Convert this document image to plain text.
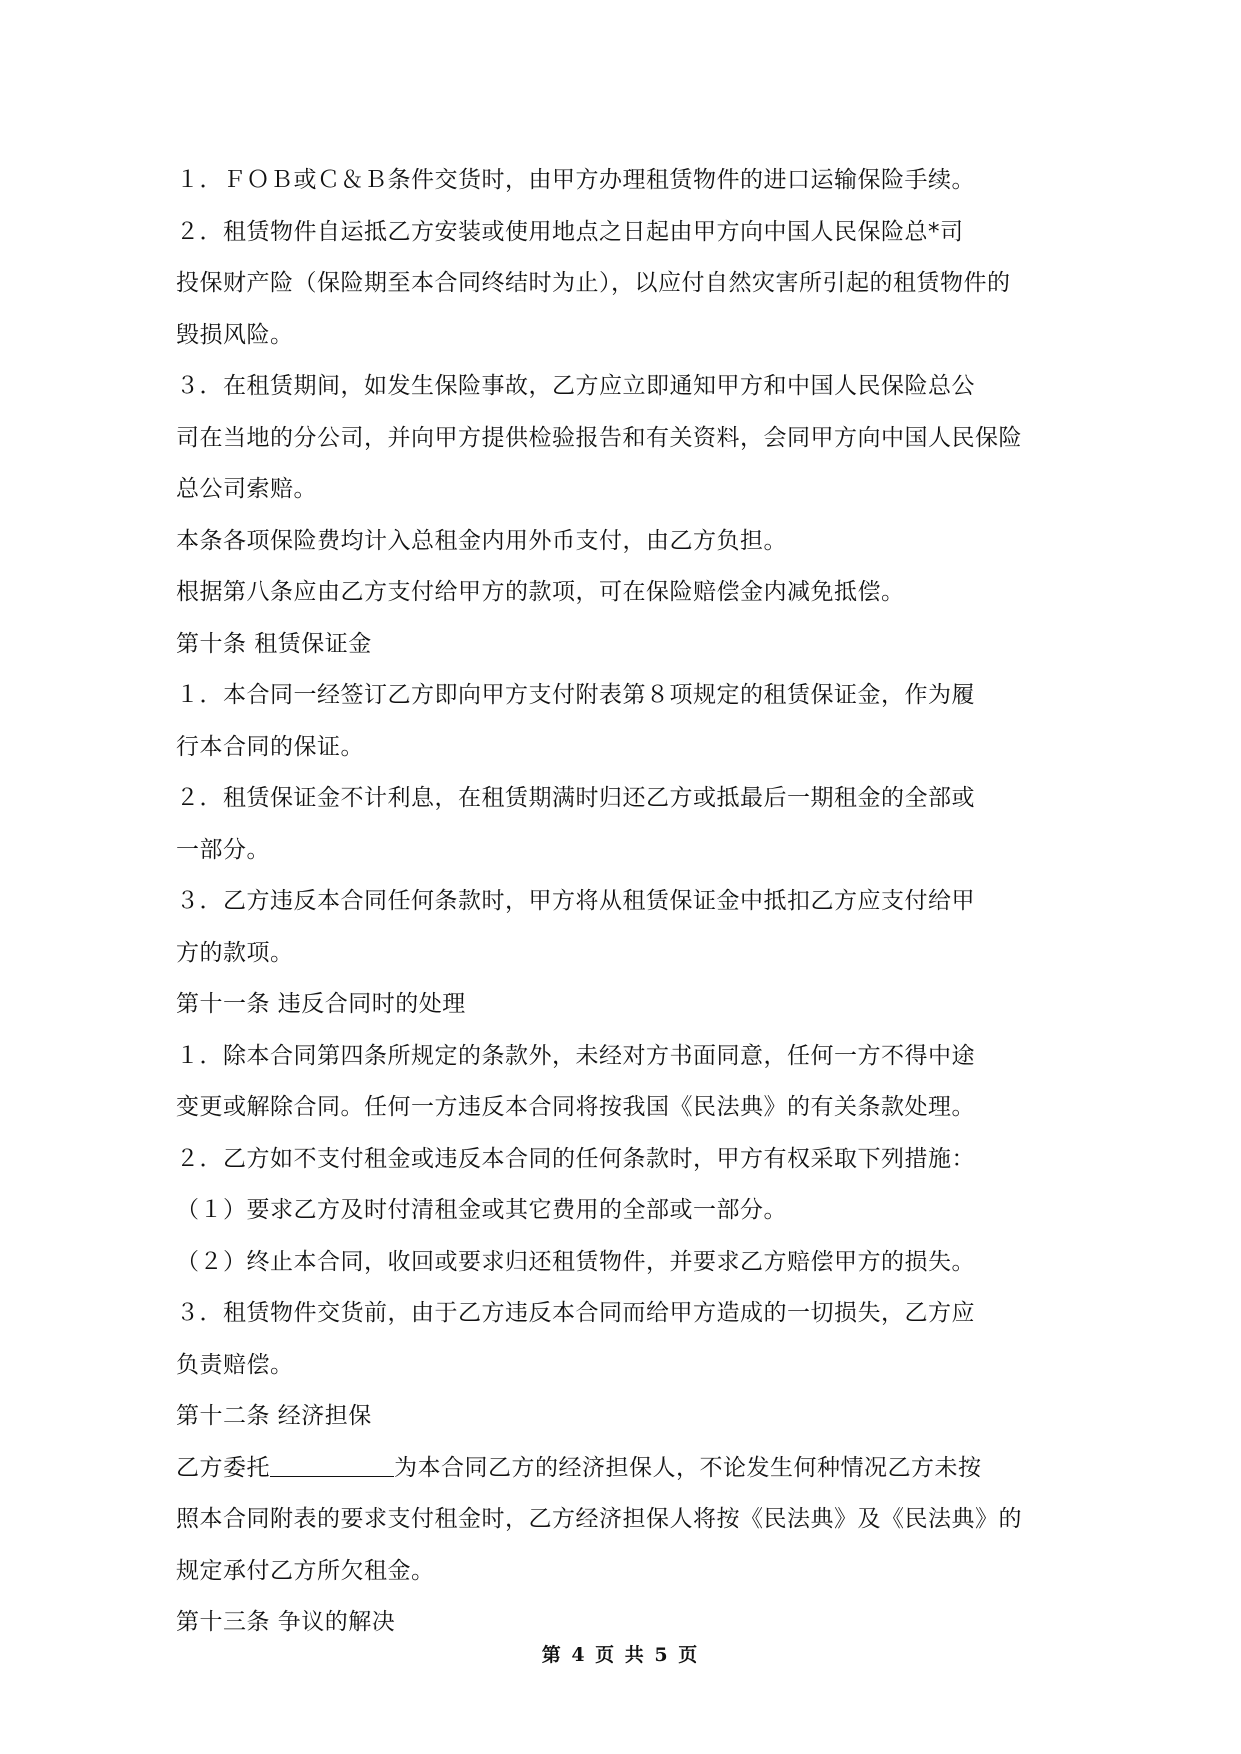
１．ＦＯＢ或Ｃ＆Ｂ条件交货时，由甲方办理租赁物件的进口运输保险手续。
２．租赁物件自运抵乙方安装或使用地点之日起由甲方向中国人民保险总*司
投保财产险（保险期至本合同终结时为止），以应付自然灾害所引起的租赁物件的
毁损风险。
３．在租赁期间，如发生保险事故，乙方应立即通知甲方和中国人民保险总公
司在当地的分公司，并向甲方提供检验报告和有关资料，会同甲方向中国人民保险
总公司索赔。
本条各项保险费均计入总租金内用外币支付，由乙方负担。
根据第八条应由乙方支付给甲方的款项，可在保险赔偿金内减免抵偿。
第十条 租赁保证金
１．本合同一经签订乙方即向甲方支付附表第８项规定的租赁保证金，作为履
行本合同的保证。
２．租赁保证金不计利息，在租赁期满时归还乙方或抵最后一期租金的全部或
一部分。
３．乙方违反本合同任何条款时，甲方将从租赁保证金中抵扣乙方应支付给甲
方的款项。
第十一条 违反合同时的处理
１．除本合同第四条所规定的条款外，未经对方书面同意，任何一方不得中途
变更或解除合同。任何一方违反本合同将按我国《民法典》的有关条款处理。
２．乙方如不支付租金或违反本合同的任何条款时，甲方有权采取下列措施：
（１）要求乙方及时付清租金或其它费用的全部或一部分。
（２）终止本合同，收回或要求归还租赁物件，并要求乙方赔偿甲方的损失。
３．租赁物件交货前，由于乙方违反本合同而给甲方造成的一切损失，乙方应
负责赔偿。
第十二条 经济担保
乙方委托	为本合同乙方的经济担保人，不论发生何种情况乙方未按
照本合同附表的要求支付租金时，乙方经济担保人将按《民法典》及《民法典》的
规定承付乙方所欠租金。
第十三条 争议的解决
第 4 页 共 5 页
